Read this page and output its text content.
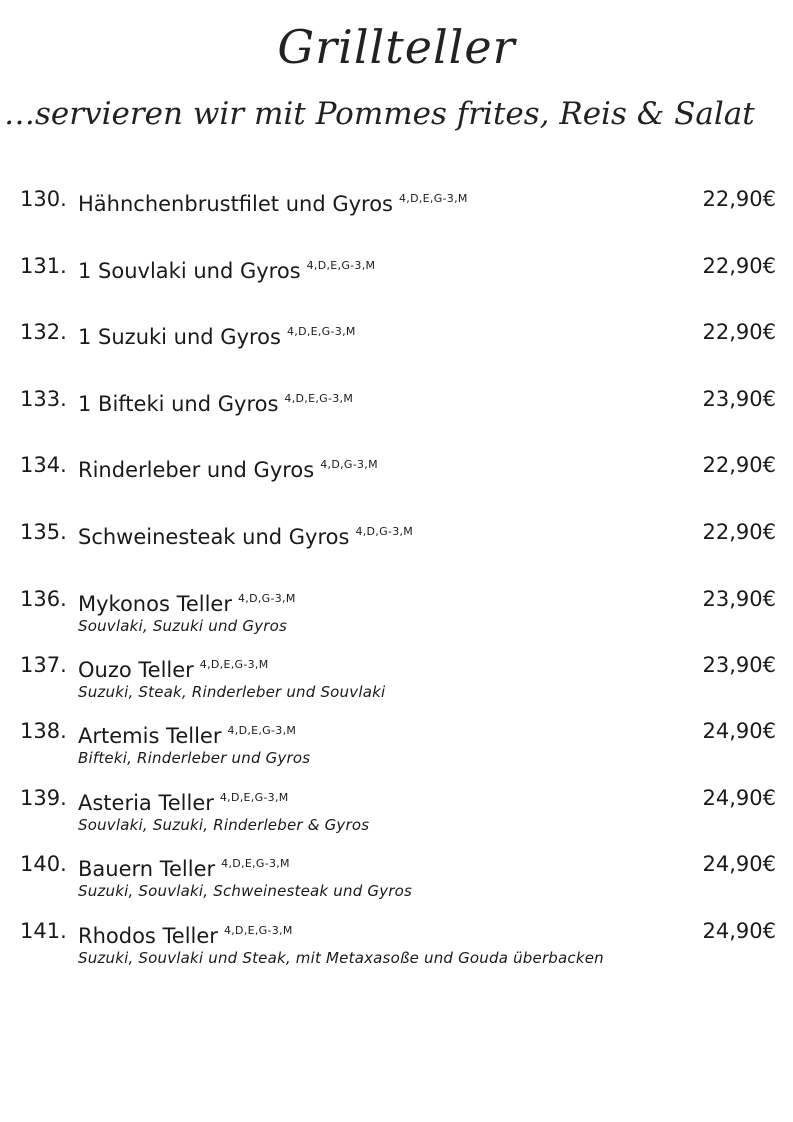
Grillteller

…servieren wir mit Pommes frites, Reis & Salat

130. Hähnchenbrustfilet und Gyros $^{4,D,E,G-3,M}$	22,90€
131. 1 Souvlaki und Gyros $^{4,D,E,G-3,M}$	22,90€
132. 1 Suzuki und Gyros $^{4,D,E,G-3,M}$	22,90€
133. 1 Bifteki und Gyros $^{4,D,E,G-3,M}$	23,90€
134. Rinderleber und Gyros $^{4,D,G-3,M}$	22,90€
135. Schweinesteak und Gyros $^{4,D,G-3,M}$	22,90€
136. Mykonos Teller $^{4,D,G-3,M}$	23,90€
Souvlaki, Suzuki und Gyros
137. Ouzo Teller $^{4,D,E,G-3,M}$	23,90€
Suzuki, Steak, Rinderleber und Souvlaki
138. Artemis Teller $^{4,D,E,G-3,M}$	24,90€
Bifteki, Rinderleber und Gyros
139. Asteria Teller $^{4,D,E,G-3,M}$	24,90€
Souvlaki, Suzuki, Rinderleber & Gyros
140. Bauern Teller $^{4,D,E,G-3,M}$	24,90€
Suzuki, Souvlaki, Schweinesteak und Gyros
141. Rhodos Teller $^{4,D,E,G-3,M}$	24,90€
Suzuki, Souvlaki und Steak, mit Metaxasoße und Gouda überbacken
